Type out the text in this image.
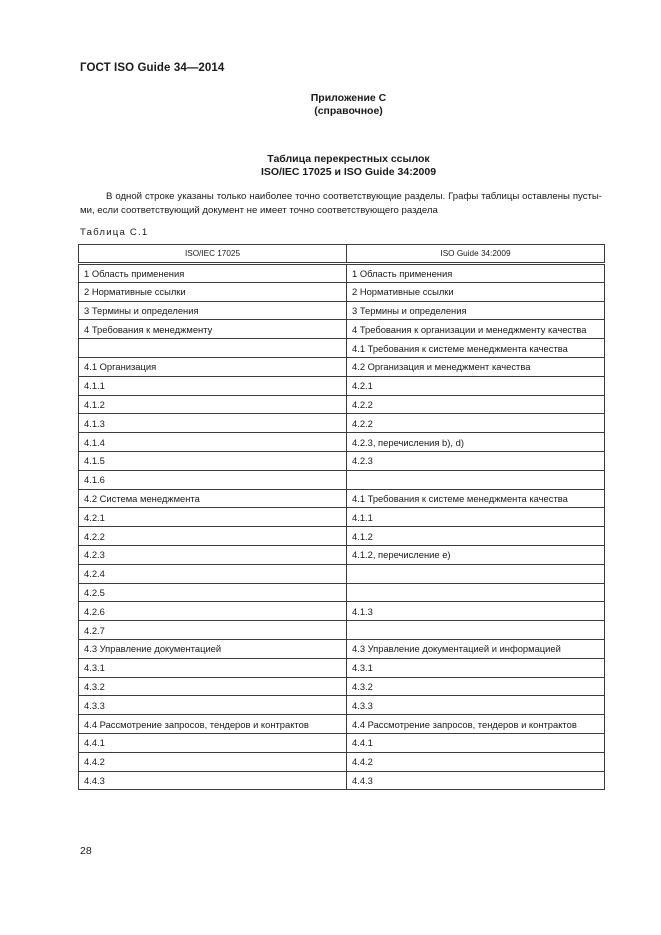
ГОСТ ISO Guide 34—2014
Приложение С
(справочное)
Таблица перекрестных ссылок
ISO/IEC 17025 и ISO Guide 34:2009
В одной строке указаны только наиболее точно соответствующие разделы. Графы таблицы оставлены пусты-ми, если соответствующий документ не имеет точно соответствующего раздела
Таблица С.1
ISO/IEC 17025	ISO Guide 34:2009
1 Область применения	1 Область применения
2 Нормативные ссылки	2 Нормативные ссылки
3 Термины и определения	3 Термины и определения
4 Требования к менеджменту	4 Требования к организации и менеджменту качества
	4.1 Требования к системе менеджмента качества
4.1 Организация	4.2 Организация и менеджмент качества
4.1.1	4.2.1
4.1.2	4.2.2
4.1.3	4.2.2
4.1.4	4.2.3, перечисления b), d)
4.1.5	4.2.3
4.1.6	
4.2 Система менеджмента	4.1 Требования к системе менеджмента качества
4.2.1	4.1.1
4.2.2	4.1.2
4.2.3	4.1.2, перечисление e)
4.2.4	
4.2.5	
4.2.6	4.1.3
4.2.7	
4.3 Управление документацией	4.3 Управление документацией и информацией
4.3.1	4.3.1
4.3.2	4.3.2
4.3.3	4.3.3
4.4 Рассмотрение запросов, тендеров и контрактов	4.4 Рассмотрение запросов, тендеров и контрактов
4.4.1	4.4.1
4.4.2	4.4.2
4.4.3	4.4.3
28
